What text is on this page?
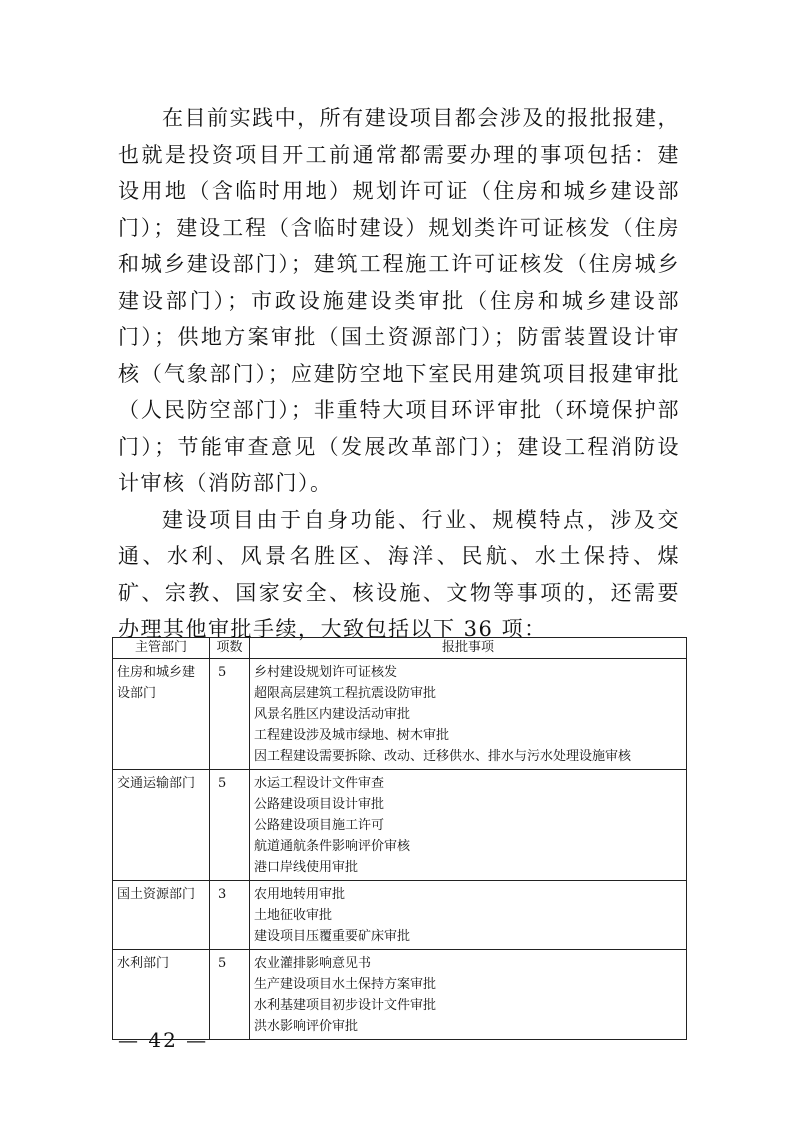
在目前实践中，所有建设项目都会涉及的报批报建，也就是投资项目开工前通常都需要办理的事项包括：建设用地（含临时用地）规划许可证（住房和城乡建设部门）；建设工程（含临时建设）规划类许可证核发（住房和城乡建设部门）；建筑工程施工许可证核发（住房城乡建设部门）；市政设施建设类审批（住房和城乡建设部门）；供地方案审批（国土资源部门）；防雷装置设计审核（气象部门）；应建防空地下室民用建筑项目报建审批（人民防空部门）；非重特大项目环评审批（环境保护部门）；节能审查意见（发展改革部门）；建设工程消防设计审核（消防部门）。

建设项目由于自身功能、行业、规模特点，涉及交通、水利、风景名胜区、海洋、民航、水土保持、煤矿、宗教、国家安全、核设施、文物等事项的，还需要办理其他审批手续，大致包括以下 36 项：

主管部门	项数	报批事项
住房和城乡建设部门	5	乡村建设规划许可证核发
超限高层建筑工程抗震设防审批
风景名胜区内建设活动审批
工程建设涉及城市绿地、树木审批
因工程建设需要拆除、改动、迁移供水、排水与污水处理设施审核

交通运输部门	5	水运工程设计文件审查
公路建设项目设计审批
公路建设项目施工许可
航道通航条件影响评价审核
港口岸线使用审批

国土资源部门	3	农用地转用审批
土地征收审批
建设项目压覆重要矿床审批

水利部门	5	农业灌排影响意见书
生产建设项目水土保持方案审批
水利基建项目初步设计文件审批
洪水影响评价审批
— 42 —
